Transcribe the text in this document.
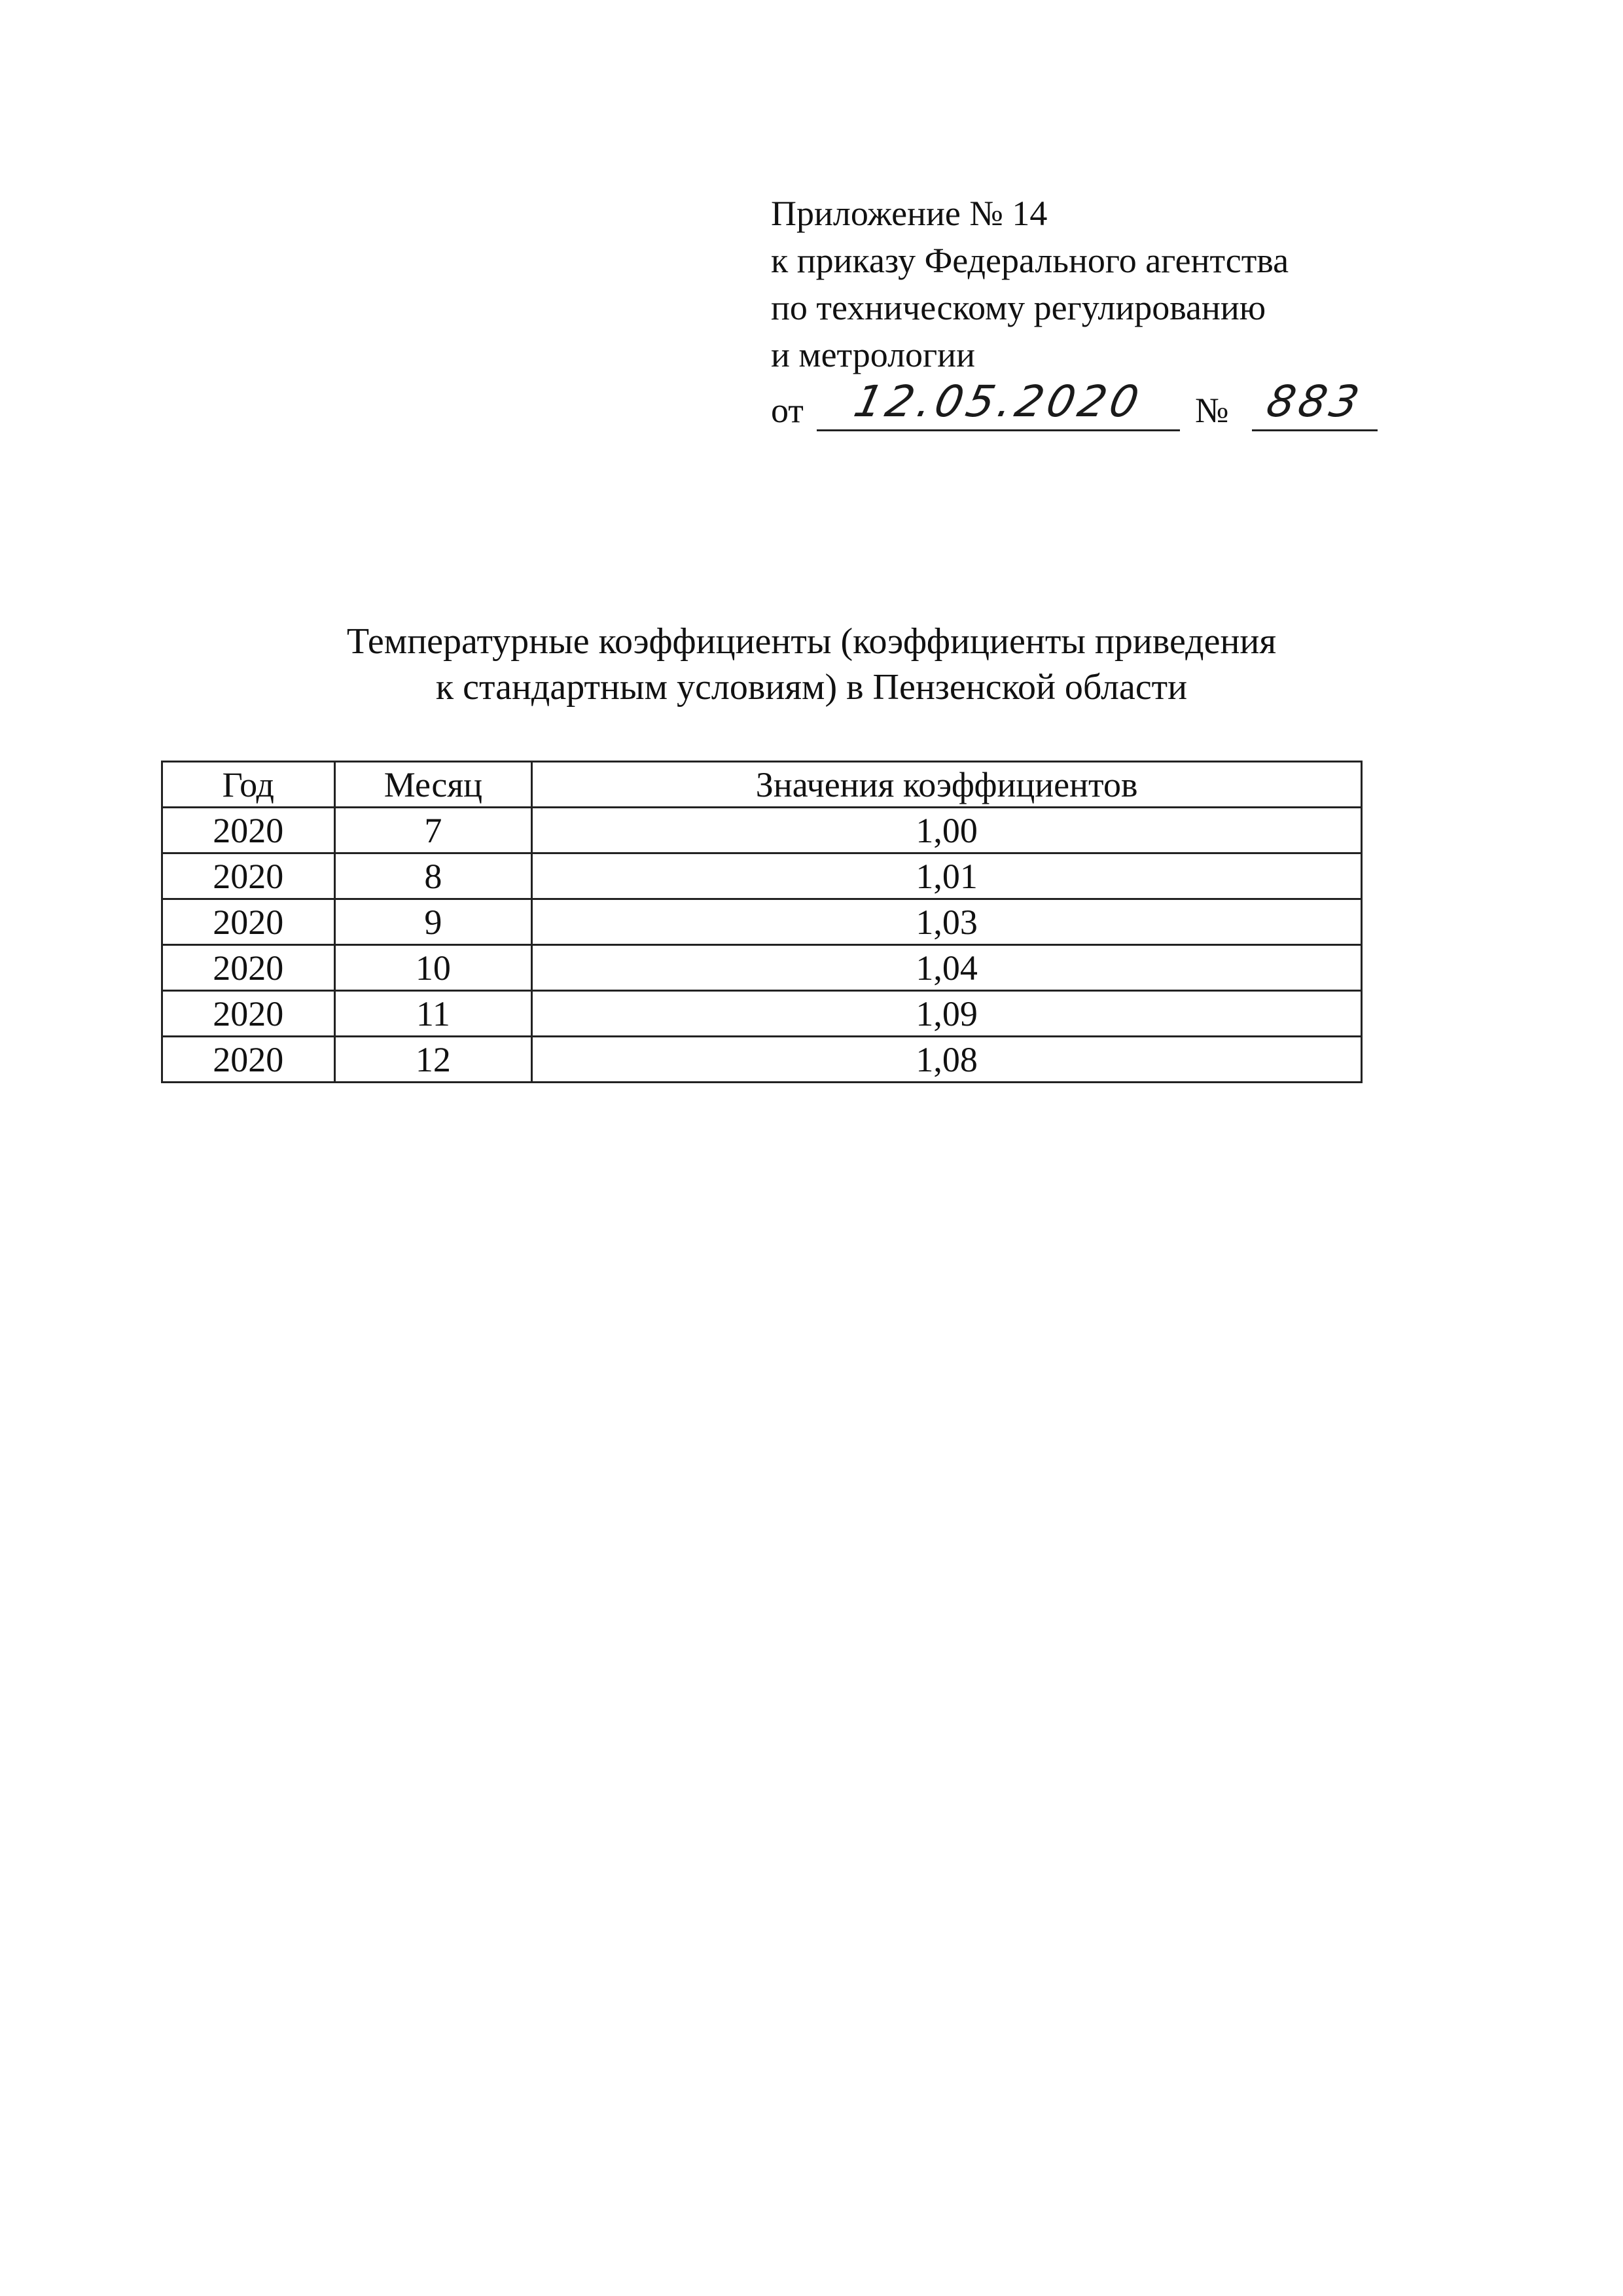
Приложение № 14
к приказу Федерального агентства
по техническому регулированию
и метрологии
от	12.05.2020	№ 883
Температурные коэффициенты (коэффициенты приведения
к стандартным условиям) в Пензенской области
Год	Месяц	Значения коэффициентов
2020	7	1,00
2020	8	1,01
2020	9	1,03
2020	10	1,04
2020	11	1,09
2020	12	1,08
